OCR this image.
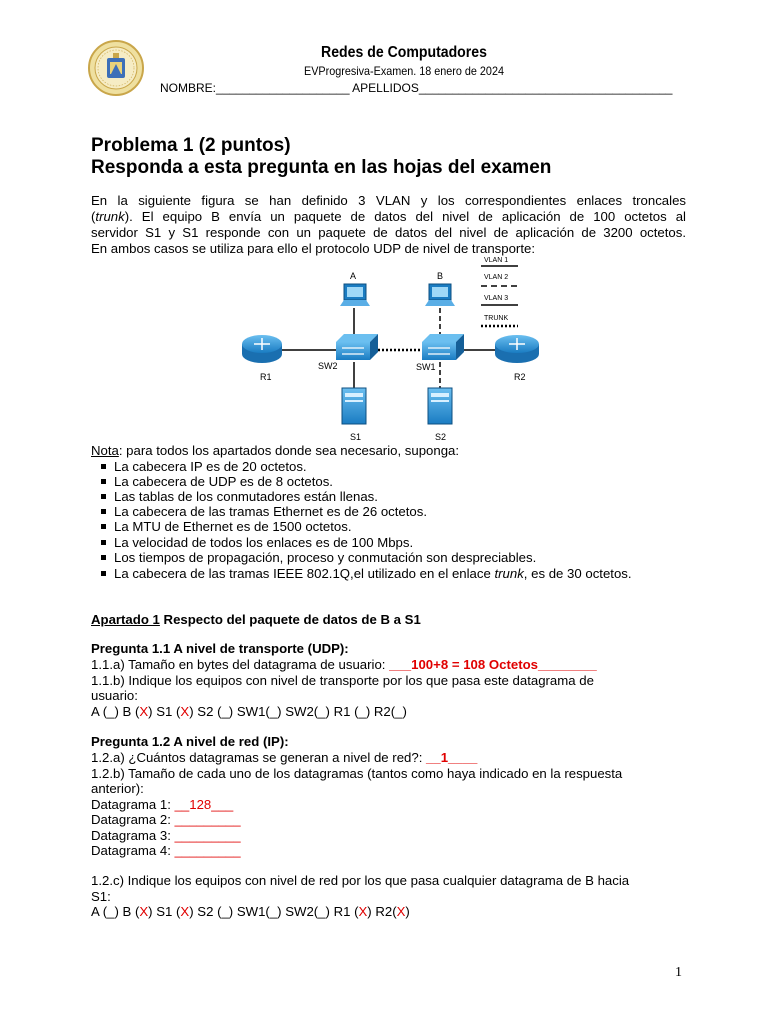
Redes de Computadores
EVProgresiva-Examen. 18 enero de 2024
NOMBRE:____________________ APELLIDOS______________________________________
Problema 1 (2 puntos)
Responda a esta pregunta en las hojas del examen
En la siguiente figura se han definido 3 VLAN y los correspondientes enlaces troncales
(trunk). El equipo B envía un paquete de datos del nivel de aplicación de 100 octetos al
servidor S1 y S1 responde con un paquete de datos del nivel de aplicación de 3200 octetos.
En ambos casos se utiliza para ello el protocolo UDP de nivel de transporte:
VLAN 1
VLAN 2
VLAN 3
TRUNK
A	B
R1	R2
SW2	SW1
S1	S2
Nota: para todos los apartados donde sea necesario, suponga:
La cabecera IP es de 20 octetos.
La cabecera de UDP es de 8 octetos.
Las tablas de los conmutadores están llenas.
La cabecera de las tramas Ethernet es de 26 octetos.
La MTU de Ethernet es de 1500 octetos.
La velocidad de todos los enlaces es de 100 Mbps.
Los tiempos de propagación, proceso y conmutación son despreciables.
La cabecera de las tramas IEEE 802.1Q,el utilizado en el enlace trunk, es de 30 octetos.
Apartado 1 Respecto del paquete de datos de B a S1
Pregunta 1.1 A nivel de transporte (UDP):
1.1.a) Tamaño en bytes del datagrama de usuario: ___100+8 = 108 Octetos________
1.1.b) Indique los equipos con nivel de transporte por los que pasa este datagrama de
usuario:
A (_) B (X) S1 (X) S2 (_) SW1(_) SW2(_) R1 (_) R2(_)
Pregunta 1.2 A nivel de red (IP):
1.2.a) ¿Cuántos datagramas se generan a nivel de red?: __1____
1.2.b) Tamaño de cada uno de los datagramas (tantos como haya indicado en la respuesta
anterior):
Datagrama 1: __128___
Datagrama 2: _________
Datagrama 3: _________
Datagrama 4: _________
1.2.c) Indique los equipos con nivel de red por los que pasa cualquier datagrama de B hacia
S1:
A (_) B (X) S1 (X) S2 (_) SW1(_) SW2(_) R1 (X) R2(X)
1
